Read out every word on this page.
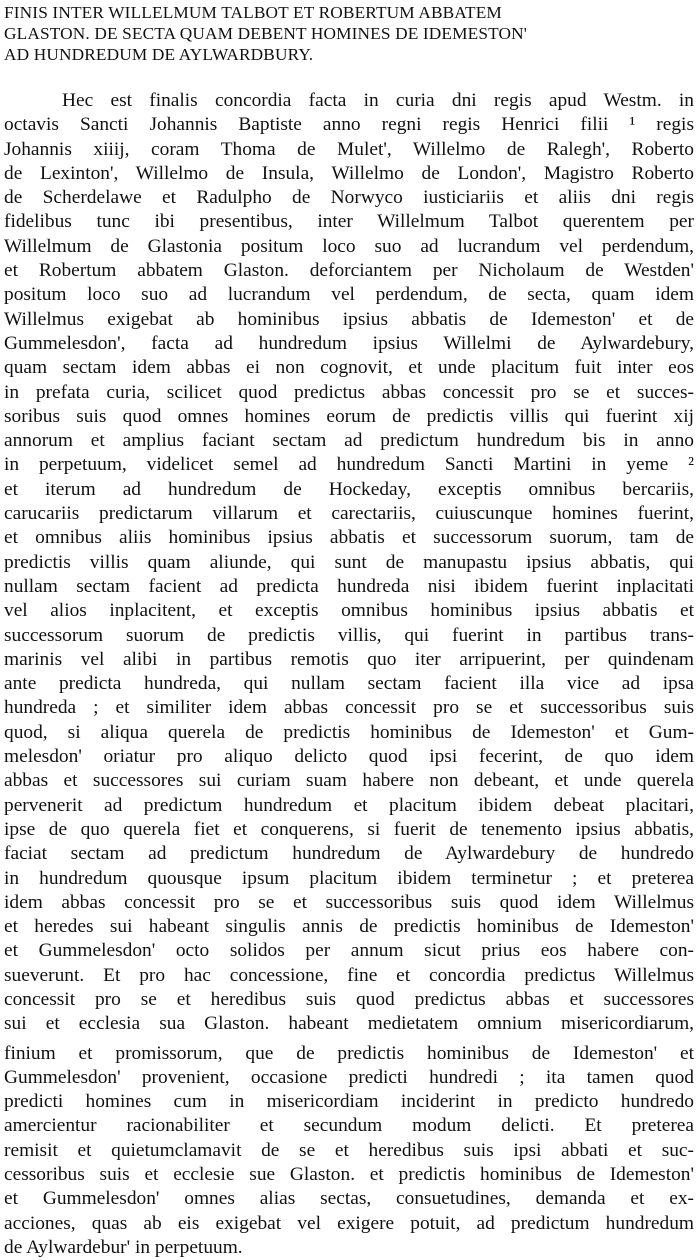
FINIS INTER WILLELMUM TALBOT ET ROBERTUM ABBATEM
GLASTON. DE SECTA QUAM DEBENT HOMINES DE IDEMESTON'
AD HUNDREDUM DE AYLWARDBURY.
Hec est finalis concordia facta in curia dni regis apud Westm. in
octavis Sancti Johannis Baptiste anno regni regis Henrici filii ¹ regis
Johannis xiiij, coram Thoma de Mulet', Willelmo de Ralegh', Roberto
de Lexinton', Willelmo de Insula, Willelmo de London', Magistro Roberto
de Scherdelawe et Radulpho de Norwyco iusticiariis et aliis dni regis
fidelibus tunc ibi presentibus, inter Willelmum Talbot querentem per
Willelmum de Glastonia positum loco suo ad lucrandum vel perdendum,
et Robertum abbatem Glaston. deforciantem per Nicholaum de Westden'
positum loco suo ad lucrandum vel perdendum, de secta, quam idem
Willelmus exigebat ab hominibus ipsius abbatis de Idemeston' et de
Gummelesdon', facta ad hundredum ipsius Willelmi de Aylwardebury,
quam sectam idem abbas ei non cognovit, et unde placitum fuit inter eos
in prefata curia, scilicet quod predictus abbas concessit pro se et succes-
soribus suis quod omnes homines eorum de predictis villis qui fuerint xij
annorum et amplius faciant sectam ad predictum hundredum bis in anno
in perpetuum, videlicet semel ad hundredum Sancti Martini in yeme ²
et iterum ad hundredum de Hockeday, exceptis omnibus bercariis,
carucariis predictarum villarum et carectariis, cuiuscunque homines fuerint,
et omnibus aliis hominibus ipsius abbatis et successorum suorum, tam de
predictis villis quam aliunde, qui sunt de manupastu ipsius abbatis, qui
nullam sectam facient ad predicta hundreda nisi ibidem fuerint inplacitati
vel alios inplacitent, et exceptis omnibus hominibus ipsius abbatis et
successorum suorum de predictis villis, qui fuerint in partibus trans-
marinis vel alibi in partibus remotis quo iter arripuerint, per quindenam
ante predicta hundreda, qui nullam sectam facient illa vice ad ipsa
hundreda ; et similiter idem abbas concessit pro se et successoribus suis
quod, si aliqua querela de predictis hominibus de Idemeston' et Gum-
melesdon' oriatur pro aliquo delicto quod ipsi fecerint, de quo idem
abbas et successores sui curiam suam habere non debeant, et unde querela
pervenerit ad predictum hundredum et placitum ibidem debeat placitari,
ipse de quo querela fiet et conquerens, si fuerit de tenemento ipsius abbatis,
faciat sectam ad predictum hundredum de Aylwardebury de hundredo
in hundredum quousque ipsum placitum ibidem terminetur ; et preterea
idem abbas concessit pro se et successoribus suis quod idem Willelmus
et heredes sui habeant singulis annis de predictis hominibus de Idemeston'
et Gummelesdon' octo solidos per annum sicut prius eos habere con-
sueverunt. Et pro hac concessione, fine et concordia predictus Willelmus
concessit pro se et heredibus suis quod predictus abbas et successores
sui et ecclesia sua Glaston. habeant medietatem omnium misericordiarum,
finium et promissorum, que de predictis hominibus de Idemeston' et
Gummelesdon' provenient, occasione predicti hundredi ; ita tamen quod
predicti homines cum in misericordiam inciderint in predicto hundredo
amercientur racionabiliter et secundum modum delicti. Et preterea
remisit et quietumclamavit de se et heredibus suis ipsi abbati et suc-
cessoribus suis et ecclesie sue Glaston. et predictis hominibus de Idemeston'
et Gummelesdon' omnes alias sectas, consuetudines, demanda et ex-
acciones, quas ab eis exigebat vel exigere potuit, ad predictum hundredum
de Aylwardebur' in perpetuum.
